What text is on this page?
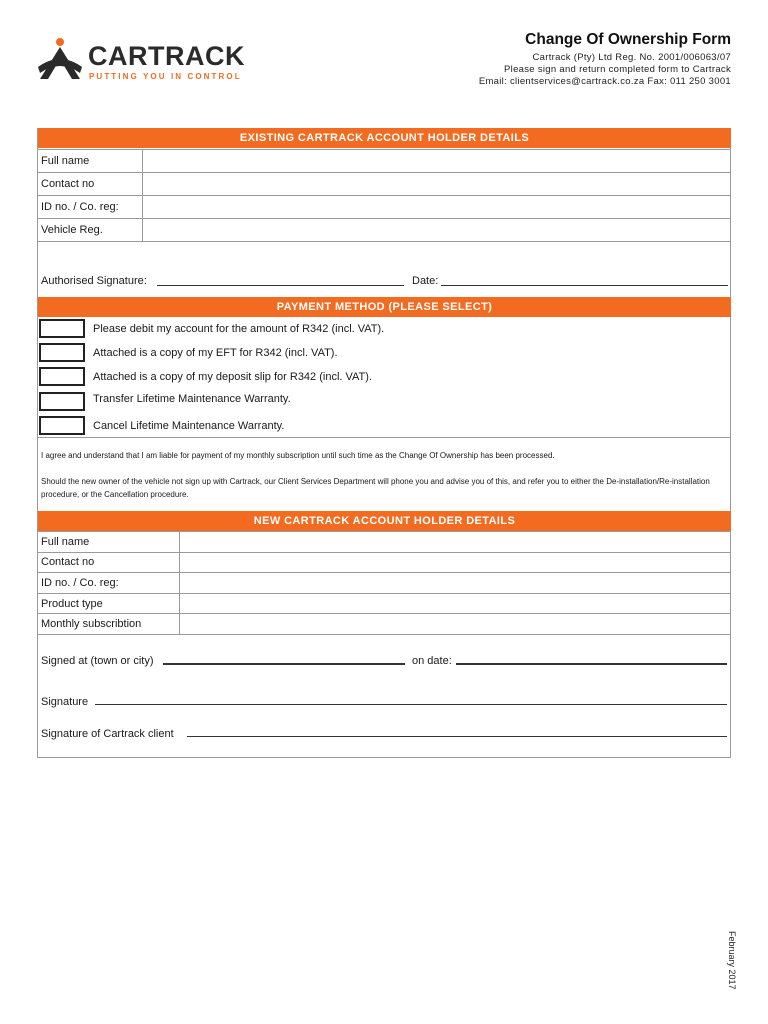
CARTRACK
PUTTING YOU IN CONTROL
Change Of Ownership Form
Cartrack (Pty) Ltd Reg. No. 2001/006063/07
Please sign and return completed form to Cartrack
Email: clientservices@cartrack.co.za Fax: 011 250 3001
EXISTING CARTRACK ACCOUNT HOLDER DETAILS
Full name	
Contact no	
ID no. / Co. reg:	
Vehicle Reg.	
Authorised Signature:	Date:
PAYMENT METHOD (PLEASE SELECT)
Please debit my account for the amount of R342 (incl. VAT).
Attached is a copy of my EFT for R342 (incl. VAT).
Attached is a copy of my deposit slip for R342 (incl. VAT).
Transfer Lifetime Maintenance Warranty.
Cancel Lifetime Maintenance Warranty.
I agree and understand that I am liable for payment of my monthly subscription until such time as the Change Of Ownership has been processed.
Should the new owner of the vehicle not sign up with Cartrack, our Client Services Department will phone you and advise you of this, and refer you to either the De-installation/Re-installation procedure, or the Cancellation procedure.
NEW CARTRACK ACCOUNT HOLDER DETAILS
Full name	
Contact no	
ID no. / Co. reg:	
Product type	
Monthly subscribtion	
Signed at (town or city)	on date:
Signature
Signature of Cartrack client
February 2017
